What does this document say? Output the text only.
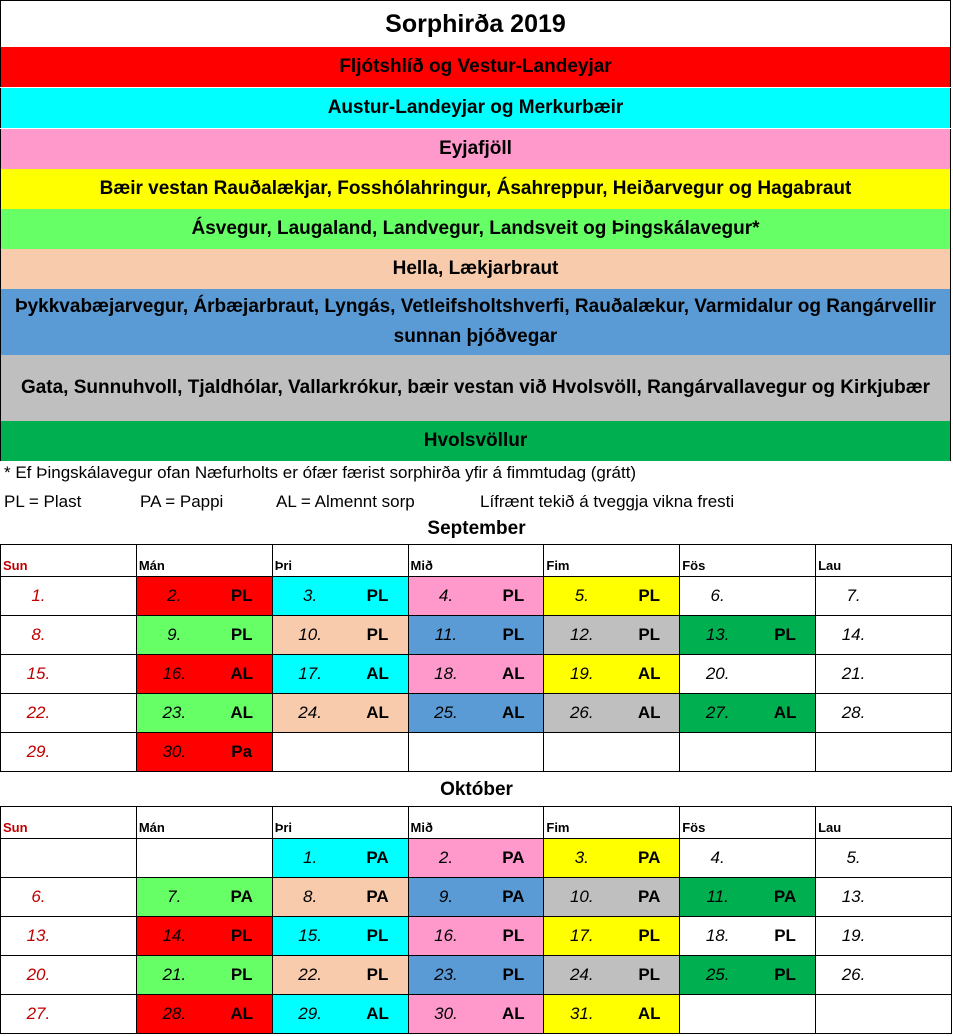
Sorphirða 2019
Fljótshlíð og Vestur-Landeyjar
Austur-Landeyjar og Merkurbæir
Eyjafjöll
Bæir vestan Rauðalækjar, Fosshólahringur, Ásahreppur, Heiðarvegur og Hagabraut
Ásvegur, Laugaland, Landvegur, Landsveit og Þingskálavegur*
Hella, Lækjarbraut
Þykkvabæjarvegur, Árbæjarbraut, Lyngás, Vetleifsholtshverfi, Rauðalækur, Varmidalur og Rangárvellir sunnan þjóðvegar
Gata, Sunnuhvoll, Tjaldhólar, Vallarkrókur, bæir vestan við Hvolsvöll, Rangárvallavegur og Kirkjubær
Hvolsvöllur
* Ef Þingskálavegur ofan Næfurholts er ófær færist sorphirða yfir á fimmtudag (grátt)
PL = Plast	PA = Pappi	AL = Almennt sorp	Lífrænt tekið á tveggja vikna fresti
September
Sun	Mán	Þri	Mið	Fim	Fös	Lau

1.	2. PL	3. PL	4. PL	5. PL	6.	7.

8.	9. PL	10. PL	11. PL	12. PL	13. PL	14.

15.	16. AL	17. AL	18. AL	19. AL	20.	21.

22.	23. AL	24. AL	25. AL	26. AL	27. AL	28.

29.	30. Pa					

Október
Sun	Mán	Þri	Mið	Fim	Fös	Lau

		1. PA	2. PA	3. PA	4.	5.

6.	7. PA	8. PA	9. PA	10. PA	11. PA	13.

13.	14. PL	15. PL	16. PL	17. PL	18. PL	19.

20.	21. PL	22. PL	23. PL	24. PL	25. PL	26.

27.	28. AL	29. AL	30. AL	31. AL		
